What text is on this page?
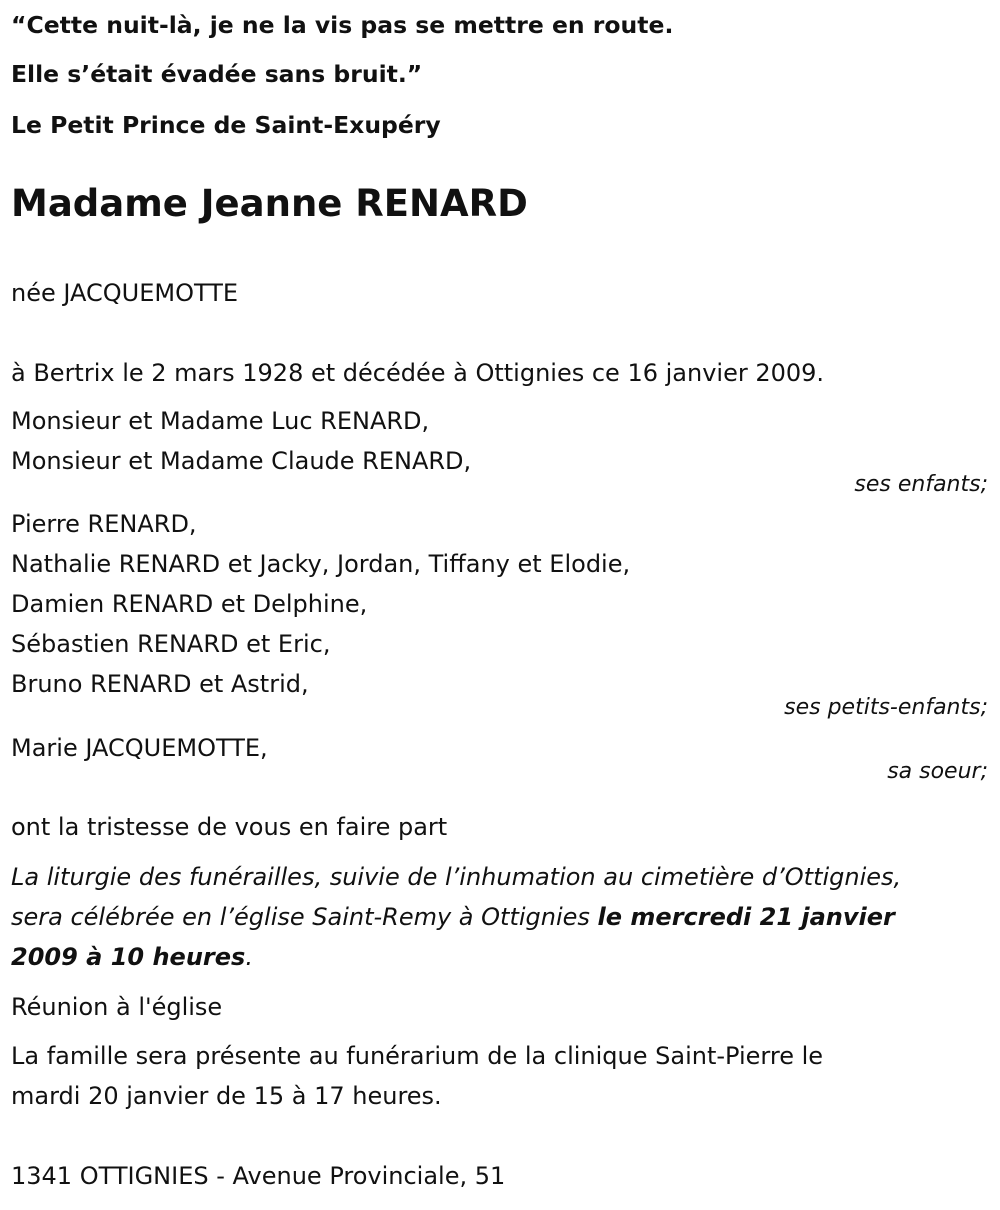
“Cette nuit-là, je ne la vis pas se mettre en route.
Elle s’était évadée sans bruit.”
Le Petit Prince de Saint-Exupéry
Madame Jeanne RENARD
née JACQUEMOTTE
à Bertrix le 2 mars 1928 et décédée à Ottignies ce 16 janvier 2009.
Monsieur et Madame Luc RENARD,
Monsieur et Madame Claude RENARD,
ses enfants;
Pierre RENARD,
Nathalie RENARD et Jacky, Jordan, Tiffany et Elodie,
Damien RENARD et Delphine,
Sébastien RENARD et Eric,
Bruno RENARD et Astrid,
ses petits-enfants;
Marie JACQUEMOTTE,
sa soeur;
ont la tristesse de vous en faire part
La liturgie des funérailles, suivie de l’inhumation au cimetière d’Ottignies,
sera célébrée en l’église Saint-Remy à Ottignies le mercredi 21 janvier
2009 à 10 heures.
Réunion à l'église
La famille sera présente au funérarium de la clinique Saint-Pierre le
mardi 20 janvier de 15 à 17 heures.
1341 OTTIGNIES - Avenue Provinciale, 51
